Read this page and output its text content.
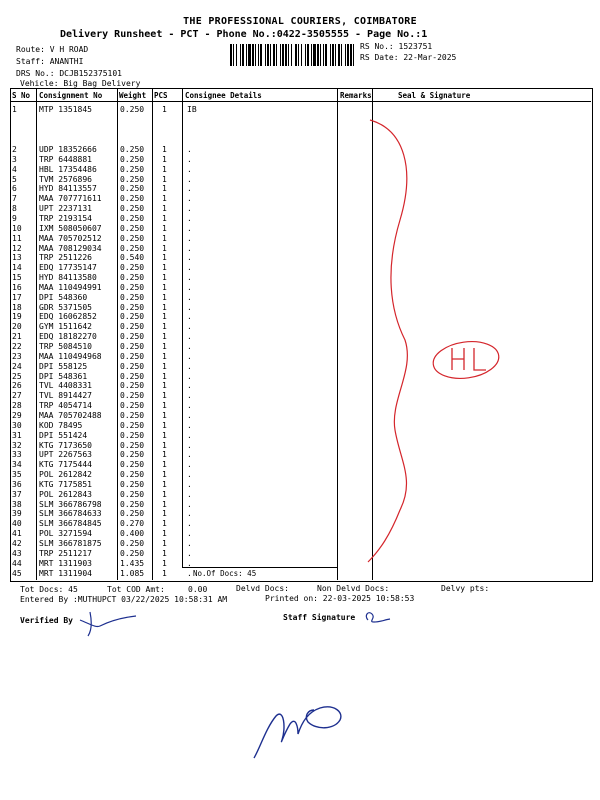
THE PROFESSIONAL COURIERS, COIMBATORE
Delivery Runsheet - PCT - Phone No.:0422-3505555 - Page No.:1
Route: V H ROAD
Staff: ANANTHI
DRS No.: DCJB152375101
Vehicle: Big Bag Delivery
RS No.: 1523751
RS Date: 22-Mar-2025
S No Consignment No Weight PCS Consignee Details	Remarks	Seal & Signature
1	MTP 1351845	0.250 1	IB
2	UDP 18352666	0.250 1	.
3	TRP 6448881	0.250 1	.
4	HBL 17354486	0.250 1	.
5	TVM 2576896	0.250 1	.
6	HYD 84113557	0.250 1	.
7	MAA 707771611 0.250 1	.
8	UPT 2237131	0.250 1	.
9	TRP 2193154	0.250 1	.
10 IXM 508050607 0.250 1	.
11 MAA 705702512 0.250 1	.
12 MAA 708129034 0.250 1	.
13 TRP 2511226	0.540 1	.
14 EDQ 17735147	0.250 1	.
15 HYD 84113580	0.250 1	.
16 MAA 110494991 0.250 1	.
17 DPI 548360	0.250 1	.
18 GDR 5371505	0.250 1	.
19 EDQ 16062852	0.250 1	.
20 GYM 1511642	0.250 1	.
21 EDQ 18182270	0.250 1	.
22 TRP 5084510	0.250 1	.
23 MAA 110494968 0.250 1	.
24 DPI 558125	0.250 1	.
25 DPI 548361	0.250 1	.
26 TVL 4408331	0.250 1	.
27 TVL 8914427	0.250 1	.
28 TRP 4054714	0.250 1	.
29 MAA 705702488 0.250 1	.
30 KOD 78495	0.250 1	.
31 DPI 551424	0.250 1	.
32 KTG 7173650	0.250 1	.
33 UPT 2267563	0.250 1	.
34 KTG 7175444	0.250 1	.
35 POL 2612842	0.250 1	.
36 KTG 7175851	0.250 1	.
37 POL 2612843	0.250 1	.
38 SLM 366786798 0.250 1	.
39 SLM 366784633 0.250 1	.
40 SLM 366784845 0.270 1	.
41 POL 3271594	0.400 1	.
42 SLM 366781875 0.250 1	.
43 TRP 2511217	0.250 1	.
44 MRT 1311903	1.435 1	.
45 MRT 1311904	1.085 1	. No.Of Docs: 45
Tot Docs: 45	Tot COD Amt:	0.00	Delvd Docs:	Non Delvd Docs:	Delvy pts:
Entered By :MUTHUPCT 03/22/2025 10:58:31 AM	Printed on: 22-03-2025 10:58:53
Verified By	Staff Signature
